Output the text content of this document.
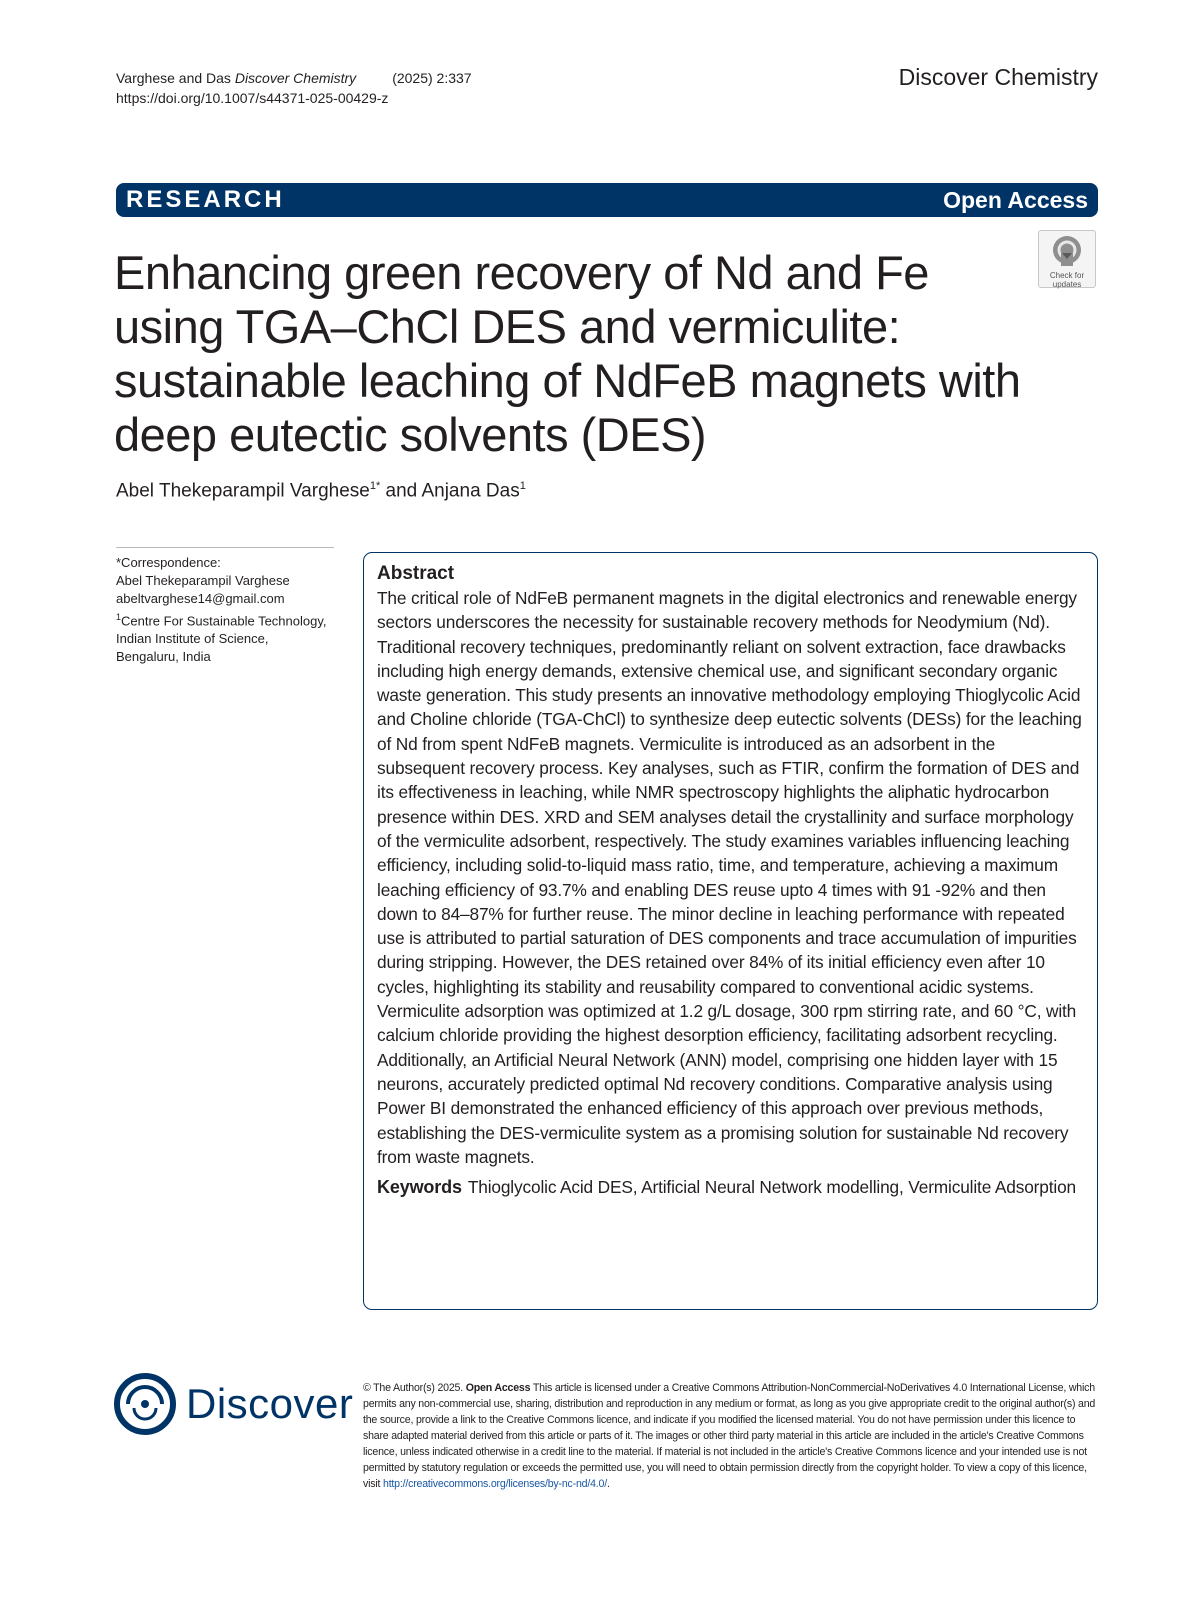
Varghese and Das Discover Chemistry	(2025) 2:337
https://doi.org/10.1007/s44371-025-00429-z
Discover Chemistry
RESEARCH	Open Access
Check for
updates
Enhancing green recovery of Nd and Fe using TGA–ChCl DES and vermiculite: sustainable leaching of NdFeB magnets with deep eutectic solvents (DES)
Abel Thekeparampil Varghese$^{1*}$ and Anjana Das$^1$
*Correspondence:
Abel Thekeparampil Varghese
abeltvarghese14@gmail.com
$^1$Centre For Sustainable Technology,
Indian Institute of Science,
Bengaluru, India
Abstract

The critical role of NdFeB permanent magnets in the digital electronics and renewable energy sectors underscores the necessity for sustainable recovery methods for Neodymium (Nd). Traditional recovery techniques, predominantly reliant on solvent extraction, face drawbacks including high energy demands, extensive chemical use, and significant secondary organic waste generation. This study presents an innovative methodology employing Thioglycolic Acid and Choline chloride (TGA-ChCl) to synthesize deep eutectic solvents (DESs) for the leaching of Nd from spent NdFeB magnets. Vermiculite is introduced as an adsorbent in the subsequent recovery process. Key analyses, such as FTIR, confirm the formation of DES and its effectiveness in leaching, while NMR spectroscopy highlights the aliphatic hydrocarbon presence within DES. XRD and SEM analyses detail the crystallinity and surface morphology of the vermiculite adsorbent, respectively. The study examines variables influencing leaching efficiency, including solid-to-liquid mass ratio, time, and temperature, achieving a maximum leaching efficiency of 93.7% and enabling DES reuse upto 4 times with 91 -92% and then down to 84–87% for further reuse. The minor decline in leaching performance with repeated use is attributed to partial saturation of DES components and trace accumulation of impurities during stripping. However, the DES retained over 84% of its initial efficiency even after 10 cycles, highlighting its stability and reusability compared to conventional acidic systems. Vermiculite adsorption was optimized at 1.2 g/L dosage, 300 rpm stirring rate, and 60 °C, with calcium chloride providing the highest desorption efficiency, facilitating adsorbent recycling. Additionally, an Artificial Neural Network (ANN) model, comprising one hidden layer with 15 neurons, accurately predicted optimal Nd recovery conditions. Comparative analysis using Power BI demonstrated the enhanced efficiency of this approach over previous methods, establishing the DES-vermiculite system as a promising solution for sustainable Nd recovery from waste magnets.

Keywords Thioglycolic Acid DES, Artificial Neural Network modelling, Vermiculite Adsorption
Discover © The Author(s) 2025. Open Access This article is licensed under a Creative Commons Attribution-NonCommercial-NoDerivatives 4.0 International License, which permits any non-commercial use, sharing, distribution and reproduction in any medium or format, as long as you give appropriate credit to the original author(s) and the source, provide a link to the Creative Commons licence, and indicate if you modified the licensed material. You do not have permission under this licence to share adapted material derived from this article or parts of it. The images or other third party material in this article are included in the article's Creative Commons licence, unless indicated otherwise in a credit line to the material. If material is not included in the article's Creative Commons licence and your intended use is not permitted by statutory regulation or exceeds the permitted use, you will need to obtain permission directly from the copyright holder. To view a copy of this licence, visit http://creativecommons.org/licenses/by-nc-nd/4.0/.
